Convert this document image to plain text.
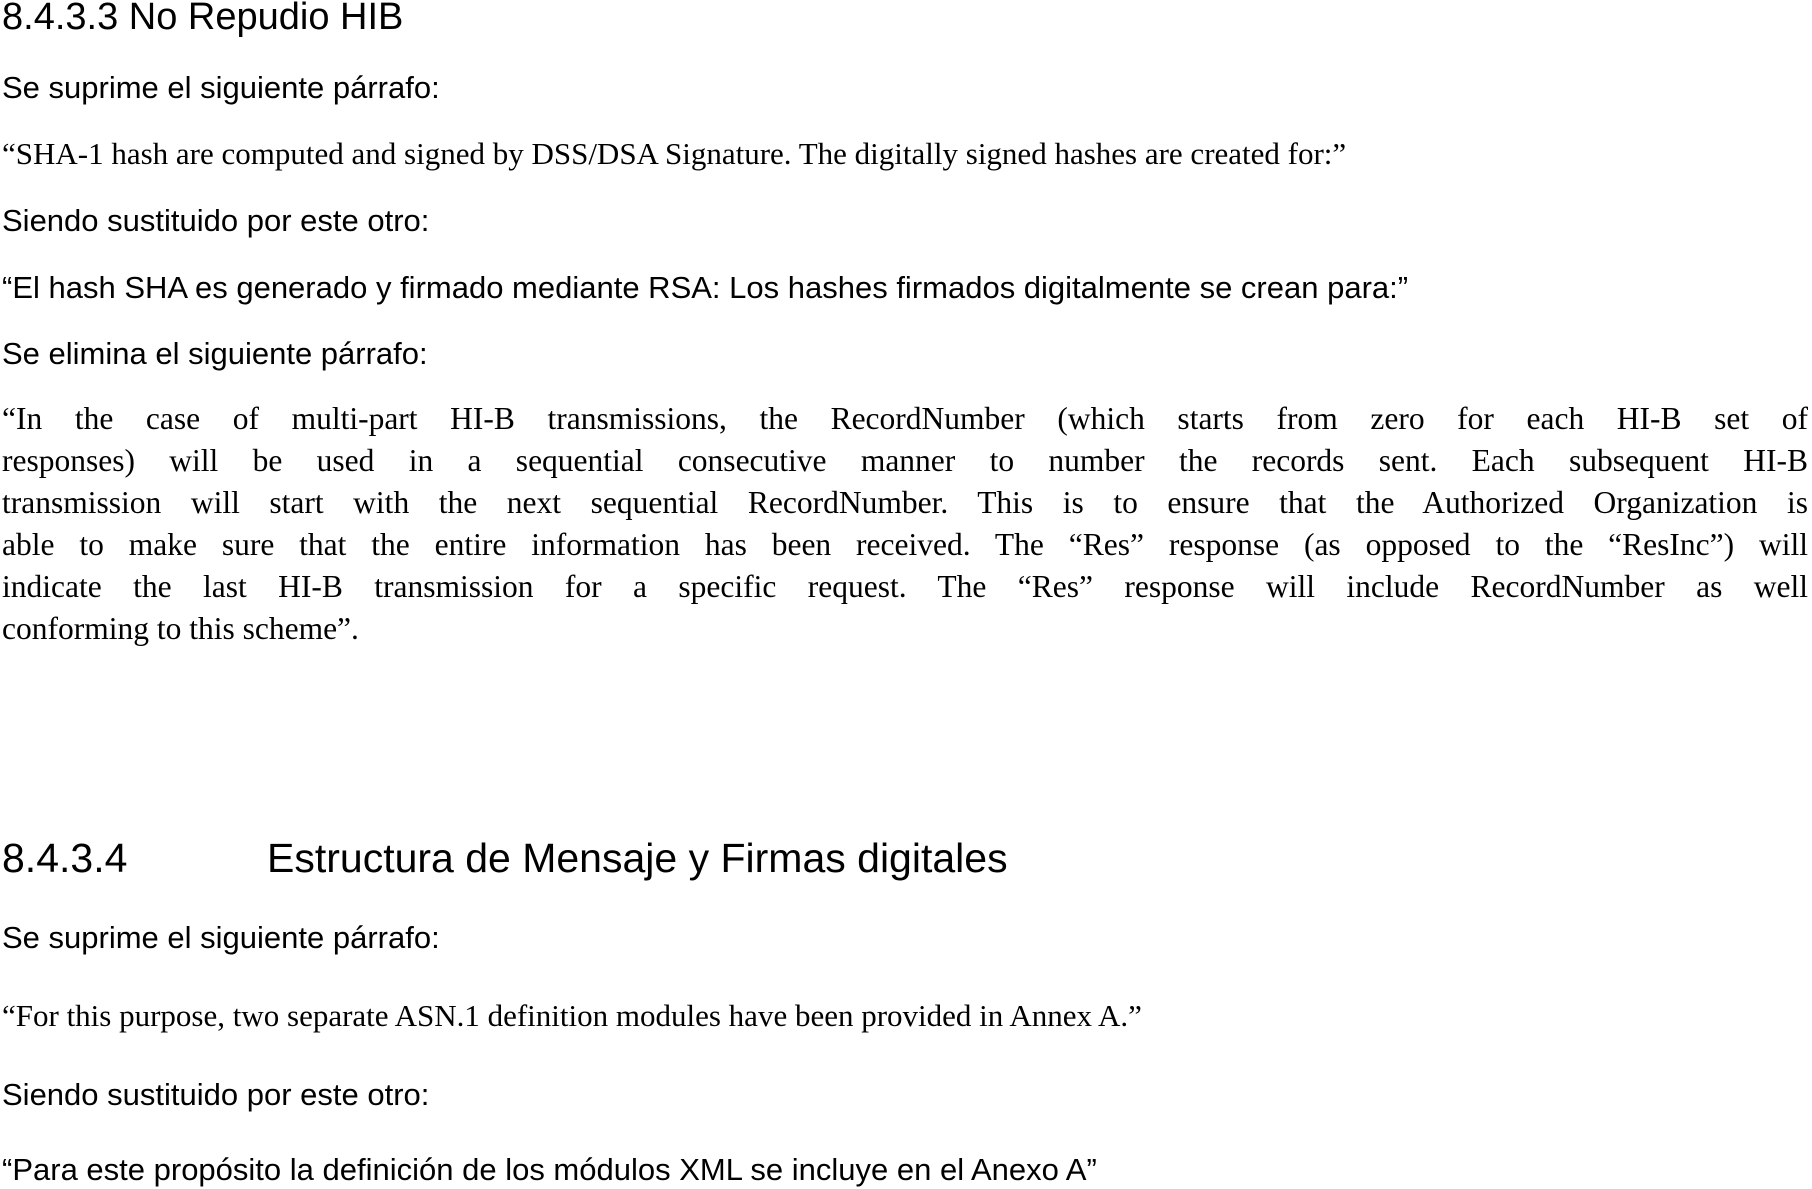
8.4.3.3 No Repudio HIB

Se suprime el siguiente párrafo:

“SHA-1 hash are computed and signed by DSS/DSA Signature. The digitally signed hashes are created for:”

Siendo sustituido por este otro:

“El hash SHA es generado y firmado mediante RSA: Los hashes firmados digitalmente se crean para:”

Se elimina el siguiente párrafo:

“In the case of multi-part HI-B transmissions, the RecordNumber (which starts from zero for each HI-B set of
responses) will be used in a sequential consecutive manner to number the records sent. Each subsequent HI-B
transmission will start with the next sequential RecordNumber. This is to ensure that the Authorized Organization is
able to make sure that the entire information has been received. The “Res” response (as opposed to the “ResInc”) will
indicate the last HI-B transmission for a specific request. The “Res” response will include RecordNumber as well
conforming to this scheme”.
8.4.3.4	Estructura de Mensaje y Firmas digitales

Se suprime el siguiente párrafo:

“For this purpose, two separate ASN.1 definition modules have been provided in Annex A.”

Siendo sustituido por este otro:

“Para este propósito la definición de los módulos XML se incluye en el Anexo A”
